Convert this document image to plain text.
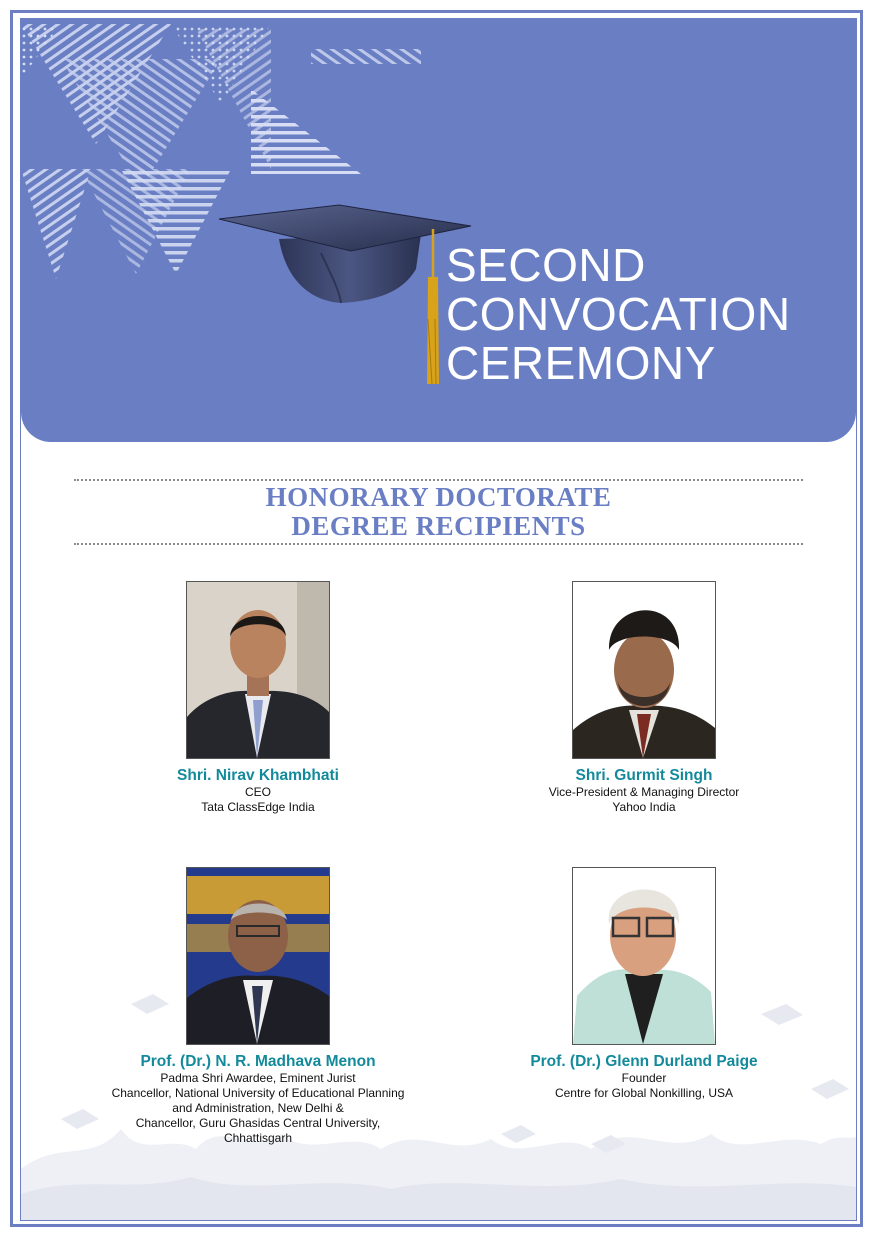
SECOND
CONVOCATION
CEREMONY
HONORARY DOCTORATE
DEGREE RECIPIENTS
Shri. Nirav Khambhati
CEO
Tata ClassEdge India
Shri. Gurmit Singh
Vice-President & Managing Director
Yahoo India
Prof. (Dr.) N. R. Madhava Menon
Padma Shri Awardee, Eminent Jurist
Chancellor, National University of Educational Planning
and Administration, New Delhi &
Chancellor, Guru Ghasidas Central University,
Chhattisgarh
Prof. (Dr.) Glenn Durland Paige
Founder
Centre for Global Nonkilling, USA
